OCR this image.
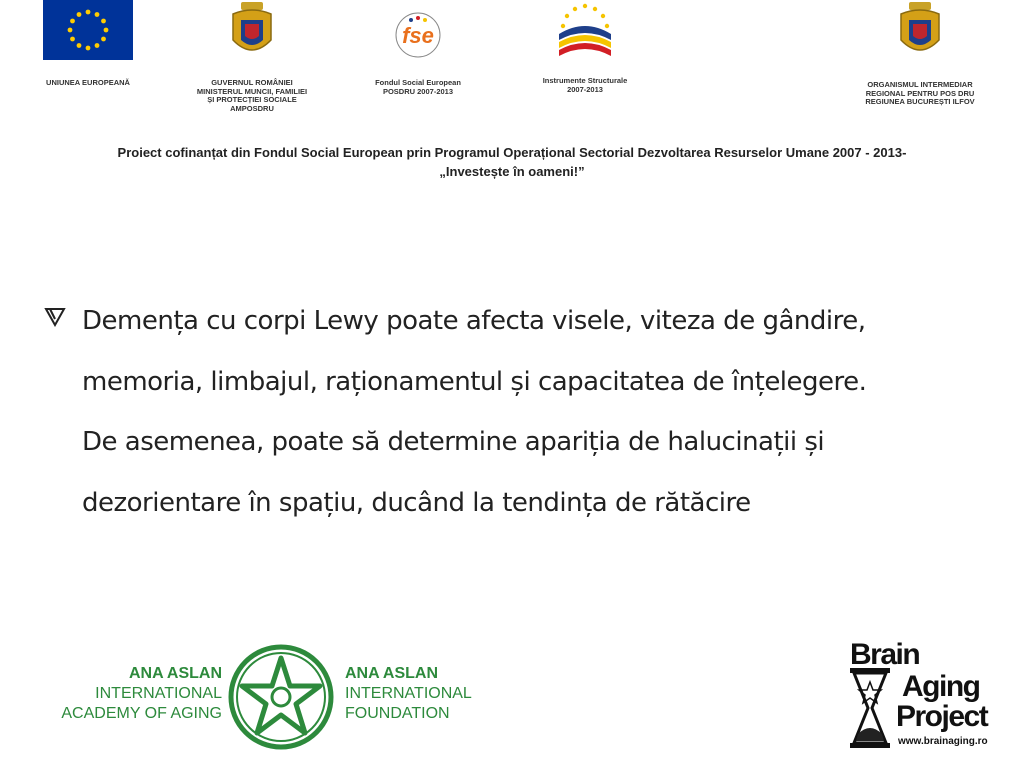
UNIUNEA EUROPEANĂ	GUVERNUL ROMÂNIEI
MINISTERUL MUNCII, FAMILIEI
ȘI PROTECȚIEI SOCIALE
AMPOSDRU
fse
Fondul Social European
POSDRU 2007-2013
Instrumente Structurale
2007-2013	ORGANISMUL INTERMEDIAR
REGIONAL PENTRU POS DRU
REGIUNEA BUCUREȘTI ILFOV
Proiect cofinanțat din Fondul Social European prin Programul Operațional Sectorial Dezvoltarea Resurselor Umane 2007 - 2013-
„Investește în oameni!”
Demența cu corpi Lewy poate afecta visele, viteza de gândire,
memoria, limbajul, raționamentul și capacitatea de înțelegere.
De asemenea, poate să determine apariția de halucinații și
dezorientare în spațiu, ducând la tendința de rătăcire
ANA ASLAN
INTERNATIONAL
ACADEMY OF AGING
ANA ASLAN
INTERNATIONAL
FOUNDATION
Brain
Aging
Project
www.brainaging.ro
